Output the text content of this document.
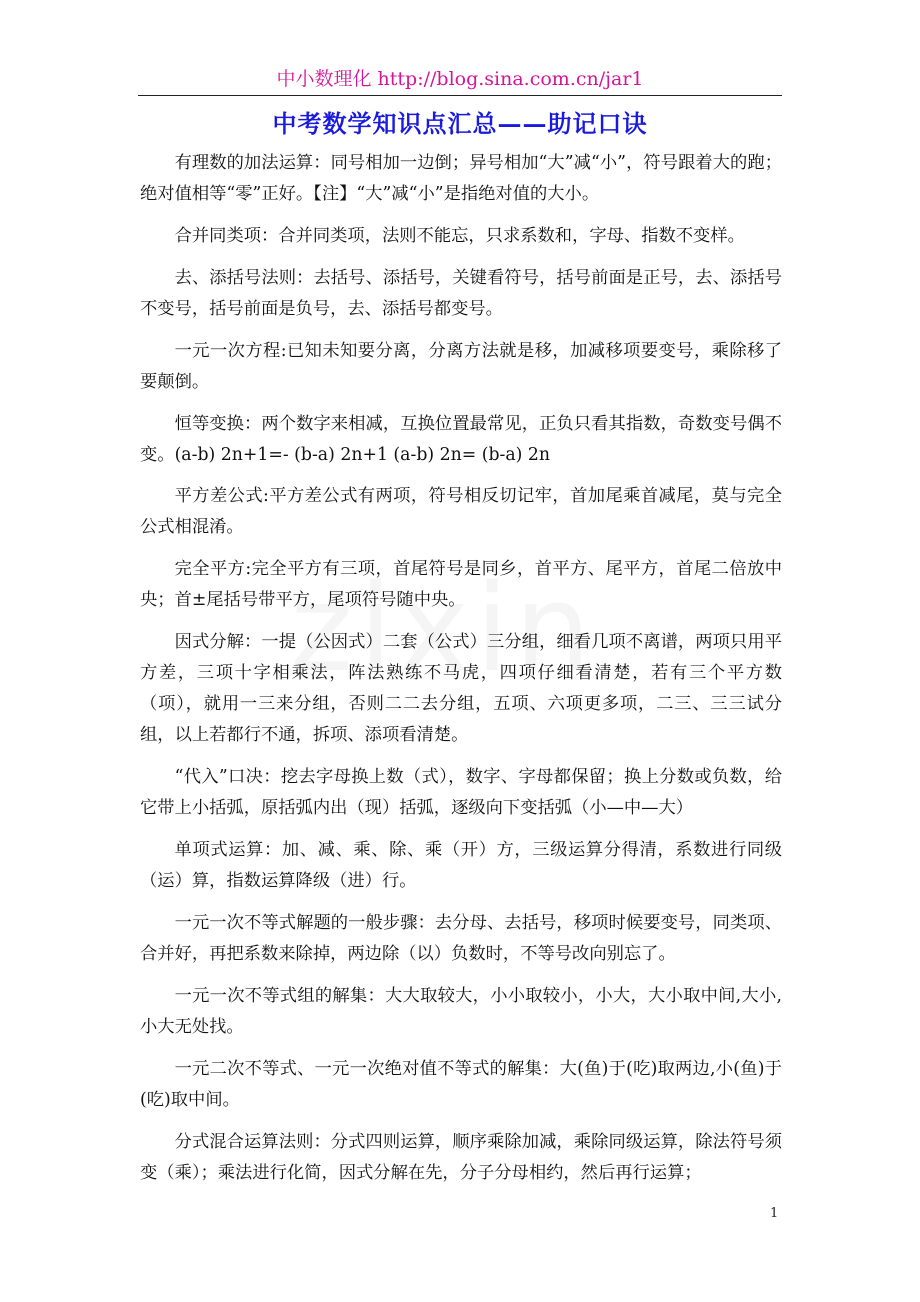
中小数理化 http://blog.sina.com.cn/jar1
中考数学知识点汇总——助记口诀

有理数的加法运算：同号相加一边倒；异号相加“大”减“小”，符号跟着大的跑；绝对值相等“零”正好。【注】“大”减“小”是指绝对值的大小。

合并同类项：合并同类项，法则不能忘，只求系数和，字母、指数不变样。

去、添括号法则：去括号、添括号，关键看符号，括号前面是正号，去、添括号不变号，括号前面是负号，去、添括号都变号。

一元一次方程:已知未知要分离，分离方法就是移，加减移项要变号，乘除移了要颠倒。

恒等变换：两个数字来相减，互换位置最常见，正负只看其指数，奇数变号偶不变。(a-b) 2n+1=- (b-a) 2n+1 (a-b) 2n= (b-a) 2n

平方差公式:平方差公式有两项，符号相反切记牢，首加尾乘首减尾，莫与完全公式相混淆。

完全平方:完全平方有三项，首尾符号是同乡，首平方、尾平方，首尾二倍放中央；首±尾括号带平方，尾项符号随中央。

因式分解：一提（公因式）二套（公式）三分组，细看几项不离谱，两项只用平方差，三项十字相乘法，阵法熟练不马虎，四项仔细看清楚，若有三个平方数（项），就用一三来分组，否则二二去分组，五项、六项更多项，二三、三三试分组，以上若都行不通，拆项、添项看清楚。

“代入”口决：挖去字母换上数（式），数字、字母都保留；换上分数或负数，给它带上小括弧，原括弧内出（现）括弧，逐级向下变括弧（小—中—大）

单项式运算：加、减、乘、除、乘（开）方，三级运算分得清，系数进行同级（运）算，指数运算降级（进）行。

一元一次不等式解题的一般步骤：去分母、去括号，移项时候要变号，同类项、合并好，再把系数来除掉，两边除（以）负数时，不等号改向别忘了。

一元一次不等式组的解集：大大取较大，小小取较小，小大，大小取中间,大小,小大无处找。

一元二次不等式、一元一次绝对值不等式的解集：大(鱼)于(吃)取两边,小(鱼)于(吃)取中间。

分式混合运算法则：分式四则运算，顺序乘除加减，乘除同级运算，除法符号须变（乘）；乘法进行化简，因式分解在先，分子分母相约，然后再行运算；

1
